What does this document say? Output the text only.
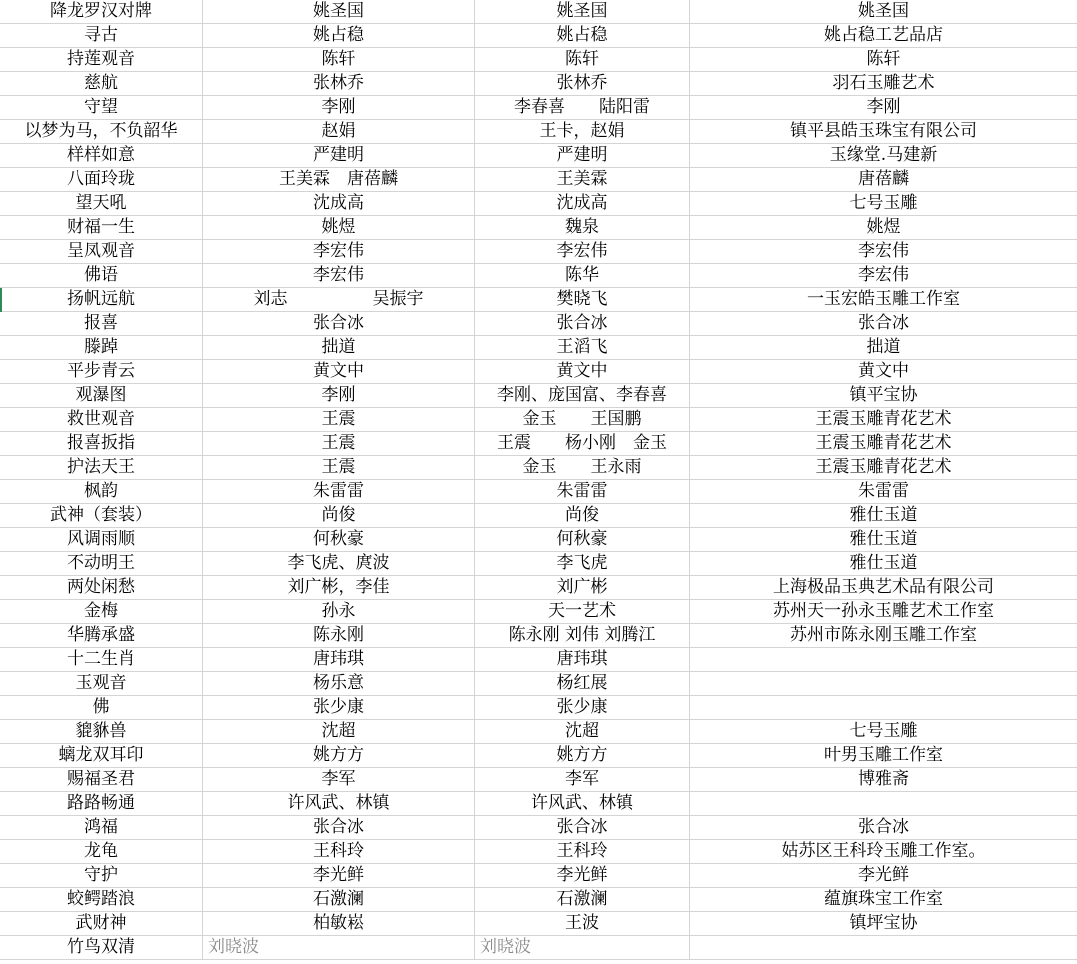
降龙罗汉对牌	姚圣国	姚圣国	姚圣国
寻古	姚占稳	姚占稳	姚占稳工艺品店
持莲观音	陈轩	陈轩	陈轩
慈航	张林乔	张林乔	羽石玉雕艺术
守望	李刚	李春喜　　陆阳雷	李刚
以梦为马，不负韶华	赵娟	王卡，赵娟	镇平县皓玉珠宝有限公司
样样如意	严建明	严建明	玉缘堂.马建新
八面玲珑	王美霖　唐蓓麟	王美霖	唐蓓麟
望天吼	沈成高	沈成高	七号玉雕
财福一生	姚煜	魏泉	姚煜
呈凤观音	李宏伟	李宏伟	李宏伟
佛语	李宏伟	陈华	李宏伟
扬帆远航	刘志　　　　　吴振宇	樊晓飞	一玉宏皓玉雕工作室
报喜	张合冰	张合冰	张合冰
滕踔	拙道	王滔飞	拙道
平步青云	黄文中	黄文中	黄文中
观瀑图	李刚	李刚、庞国富、李春喜	镇平宝协
救世观音	王震	金玉　　王国鹏	王震玉雕青花艺术
报喜扳指	王震	王震　　杨小刚　金玉	王震玉雕青花艺术
护法天王	王震	金玉　　王永雨	王震玉雕青花艺术
枫韵	朱雷雷	朱雷雷	朱雷雷
武神（套装）	尚俊	尚俊	雅仕玉道
风调雨顺	何秋豪	何秋豪	雅仕玉道
不动明王	李飞虎、庹波	李飞虎	雅仕玉道
两处闲愁	刘广彬，李佳	刘广彬	上海极品玉典艺术品有限公司
金梅	孙永	天一艺术	苏州天一孙永玉雕艺术工作室
华腾承盛	陈永刚	陈永刚 刘伟 刘腾江	苏州市陈永刚玉雕工作室
十二生肖	唐玮琪	唐玮琪
玉观音	杨乐意	杨红展
佛	张少康	张少康
貔貅兽	沈超	沈超	七号玉雕
螭龙双耳印	姚方方	姚方方	叶男玉雕工作室
赐福圣君	李军	李军	博雅斋
路路畅通	许风武、林镇	许风武、林镇
鸿福	张合冰	张合冰	张合冰
龙龟	王科玲	王科玲	姑苏区王科玲玉雕工作室。
守护	李光鲜	李光鲜	李光鲜
蛟鳄踏浪	石激澜	石激澜	蕴旗珠宝工作室
武财神	柏敏崧	王波	镇坪宝协
竹鸟双清	刘晓波	刘晓波
